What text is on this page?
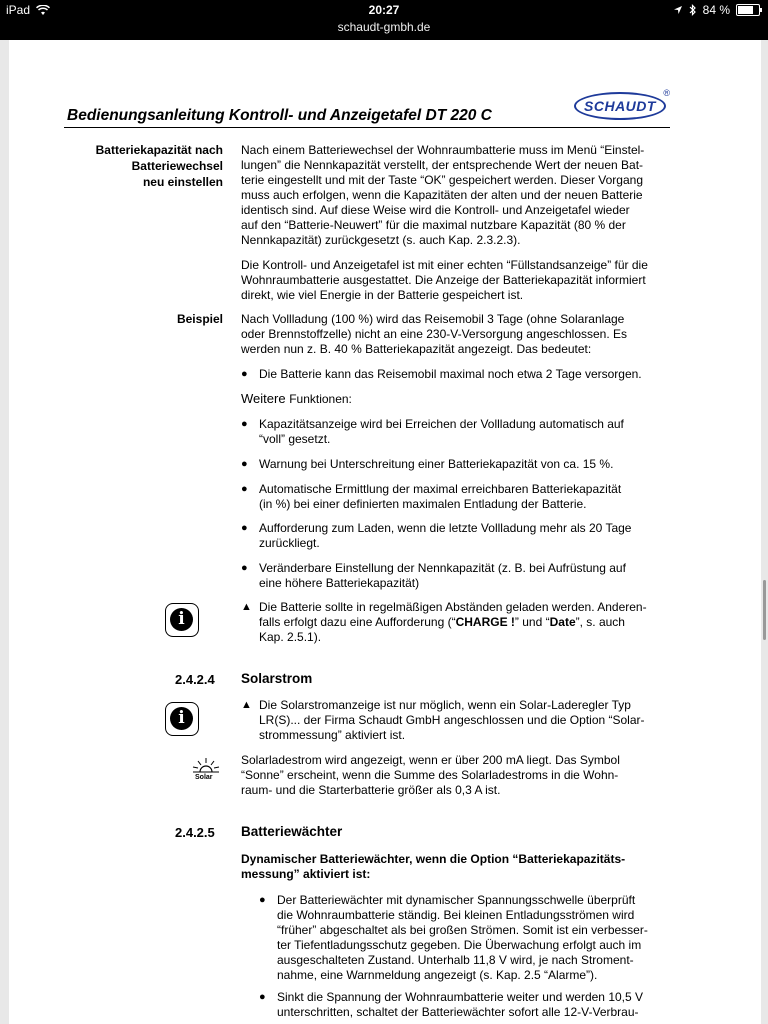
iPad	20:27	84 %
schaudt-gmbh.de
Bedienungsanleitung Kontroll- und Anzeigetafel DT 220 C
SCHAUDT
®
Batteriekapazität nach
Batteriewechsel
neu einstellen
Nach einem Batteriewechsel der Wohnraumbatterie muss im Menü “Einstel-
lungen” die Nennkapazität verstellt, der entsprechende Wert der neuen Bat-
terie eingestellt und mit der Taste “OK” gespeichert werden. Dieser Vorgang
muss auch erfolgen, wenn die Kapazitäten der alten und der neuen Batterie
identisch sind. Auf diese Weise wird die Kontroll- und Anzeigetafel wieder
auf den “Batterie-Neuwert” für die maximal nutzbare Kapazität (80 % der
Nennkapazität) zurückgesetzt (s. auch Kap. 2.3.2.3).
Die Kontroll- und Anzeigetafel ist mit einer echten “Füllstandsanzeige” für die
Wohnraumbatterie ausgestattet. Die Anzeige der Batteriekapazität informiert
direkt, wie viel Energie in der Batterie gespeichert ist.
Beispiel Nach Vollladung (100 %) wird das Reisemobil 3 Tage (ohne Solaranlage
oder Brennstoffzelle) nicht an eine 230-V-Versorgung angeschlossen. Es
werden nun z. B. 40 % Batteriekapazität angezeigt. Das bedeutet:
● Die Batterie kann das Reisemobil maximal noch etwa 2 Tage versorgen.
Weitere Funktionen:
● Kapazitätsanzeige wird bei Erreichen der Vollladung automatisch auf
“voll” gesetzt.
● Warnung bei Unterschreitung einer Batteriekapazität von ca. 15 %.
● Automatische Ermittlung der maximal erreichbaren Batteriekapazität
(in %) bei einer definierten maximalen Entladung der Batterie.
● Aufforderung zum Laden, wenn die letzte Vollladung mehr als 20 Tage
zurückliegt.
● Veränderbare Einstellung der Nennkapazität (z. B. bei Aufrüstung auf
eine höhere Batteriekapazität)
i
▲ Die Batterie sollte in regelmäßigen Abständen geladen werden. Anderen-
falls erfolgt dazu eine Aufforderung (“CHARGE !” und “Date”, s. auch
Kap. 2.5.1).
2.4.2.4 Solarstrom
i
▲ Die Solarstromanzeige ist nur möglich, wenn ein Solar-Laderegler Typ
LR(S)... der Firma Schaudt GmbH angeschlossen und die Option “Solar-
strommessung” aktiviert ist.
Solar
Solarladestrom wird angezeigt, wenn er über 200 mA liegt. Das Symbol
“Sonne” erscheint, wenn die Summe des Solarladestroms in die Wohn-
raum- und die Starterbatterie größer als 0,3 A ist.
2.4.2.5 Batteriewächter
Dynamischer Batteriewächter, wenn die Option “Batteriekapazitäts-
messung” aktiviert ist:
● Der Batteriewächter mit dynamischer Spannungsschwelle überprüft
die Wohnraumbatterie ständig. Bei kleinen Entladungsströmen wird
“früher” abgeschaltet als bei großen Strömen. Somit ist ein verbesser-
ter Tiefentladungsschutz gegeben. Die Überwachung erfolgt auch im
ausgeschalteten Zustand. Unterhalb 11,8 V wird, je nach Stroment-
nahme, eine Warnmeldung angezeigt (s. Kap. 2.5 “Alarme”).
● Sinkt die Spannung der Wohnraumbatterie weiter und werden 10,5 V
unterschritten, schaltet der Batteriewächter sofort alle 12-V-Verbrau-
